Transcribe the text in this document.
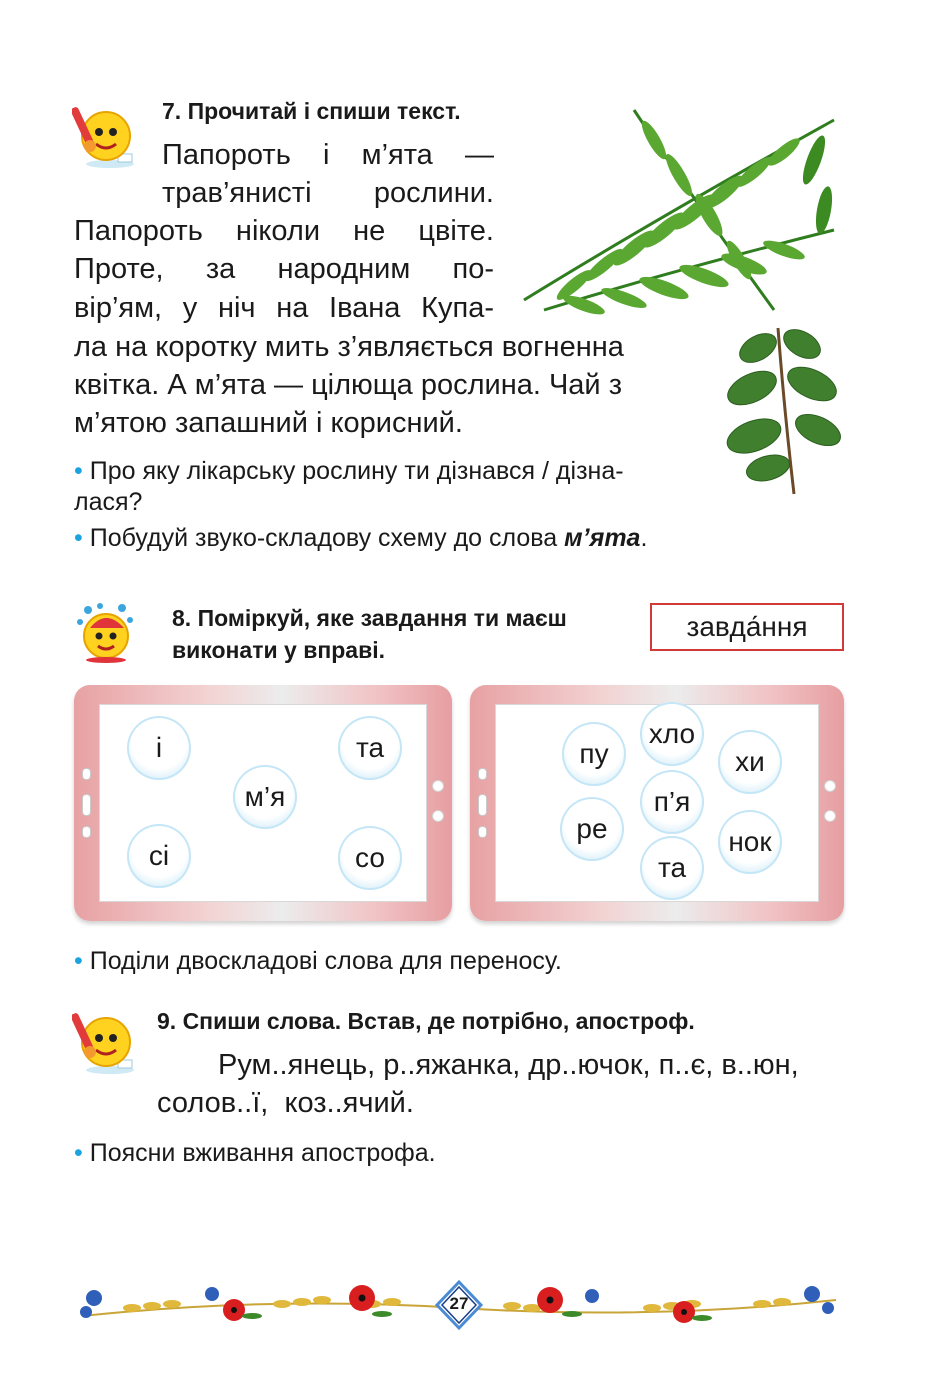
7. Прочитай і спиши текст.
Папороть і м’ята —
трав’янисті рослини.
Папороть ніколи не цвіте.
Проте, за народним по-
вір’ям, у ніч на Івана Купа-
ла на коротку мить з’являється вогненна
квітка. А м’ята — цілюща рослина. Чай з
м’ятою запашний і корисний.
• Про яку лікарську рослину ти дізнався / дізна-
лася?
• Побудуй звуко-складову схему до слова м’ята.
8. Поміркуй, яке завдання ти маєш
виконати у вправі.
завда́ння
і	та
м’я
сі	со
пу
хло
хи
п’я
ре	нок
та
• Поділи двоскладові слова для переносу.
9. Спиши слова. Встав, де потрібно, апостроф.
Рум..янець, р..яжанка, др..ючок, п..є, в..юн,
солов..ї,  коз..ячий.
• Поясни вживання апострофа.
27
